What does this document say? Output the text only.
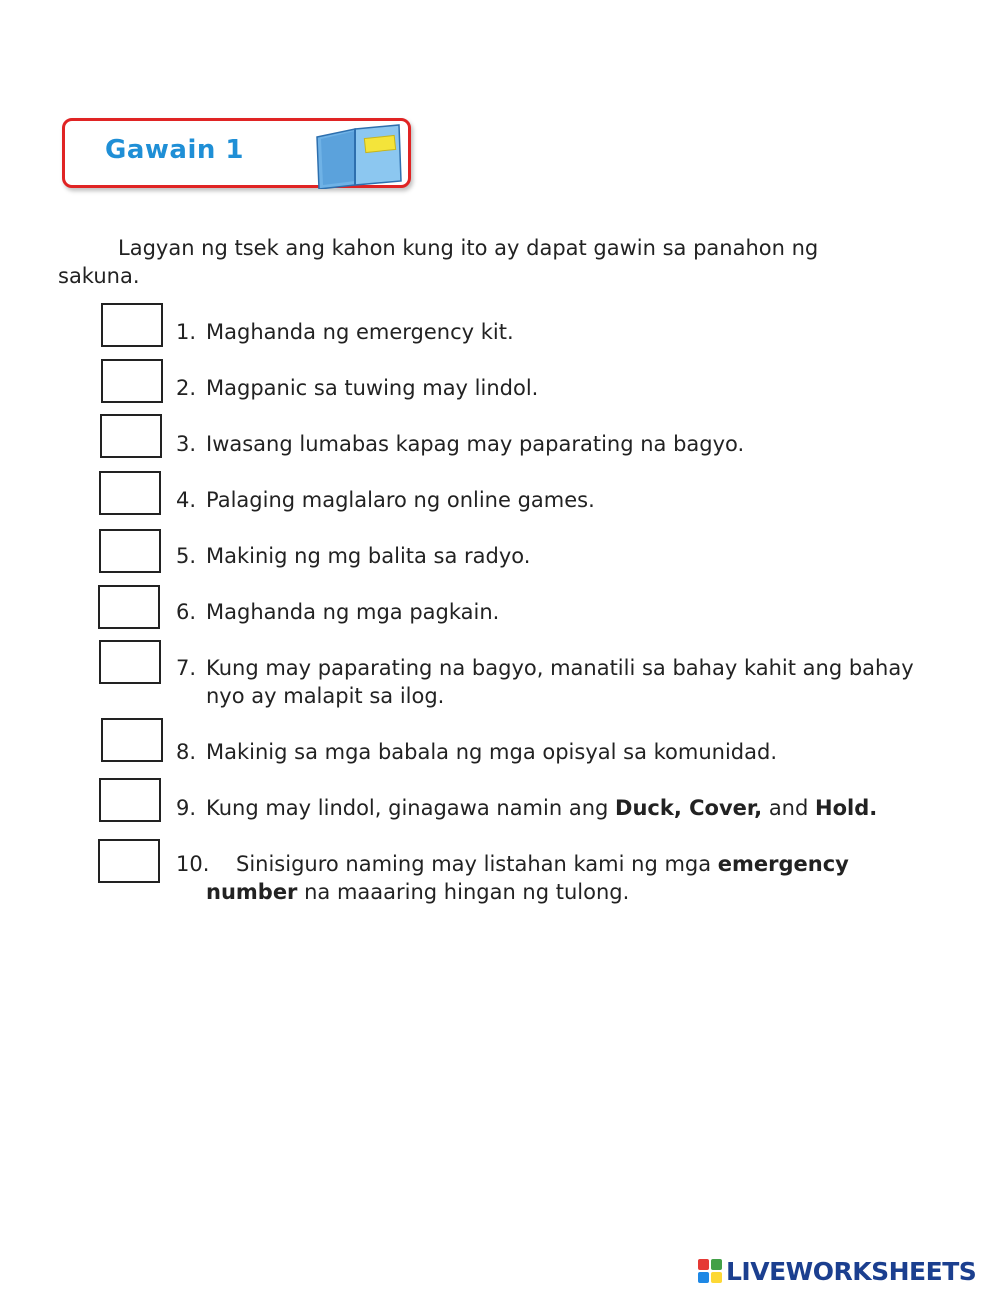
Gawain 1
Lagyan ng tsek ang kahon kung ito ay dapat gawin sa panahon ng sakuna.
1. Maghanda ng emergency kit.
2. Magpanic sa tuwing may lindol.
3. Iwasang lumabas kapag may paparating na bagyo.
4. Palaging maglalaro ng online games.
5. Makinig ng mg balita sa radyo.
6. Maghanda ng mga pagkain.
7. Kung may paparating na bagyo, manatili sa bahay kahit ang bahay nyo ay malapit sa ilog.
8. Makinig sa mga babala ng mga opisyal sa komunidad.
9. Kung may lindol, ginagawa namin ang Duck, Cover, and Hold.
10.	Sinisiguro naming may listahan kami ng mga emergency number na maaaring hingan ng tulong.
LIVEWORKSHEETS
